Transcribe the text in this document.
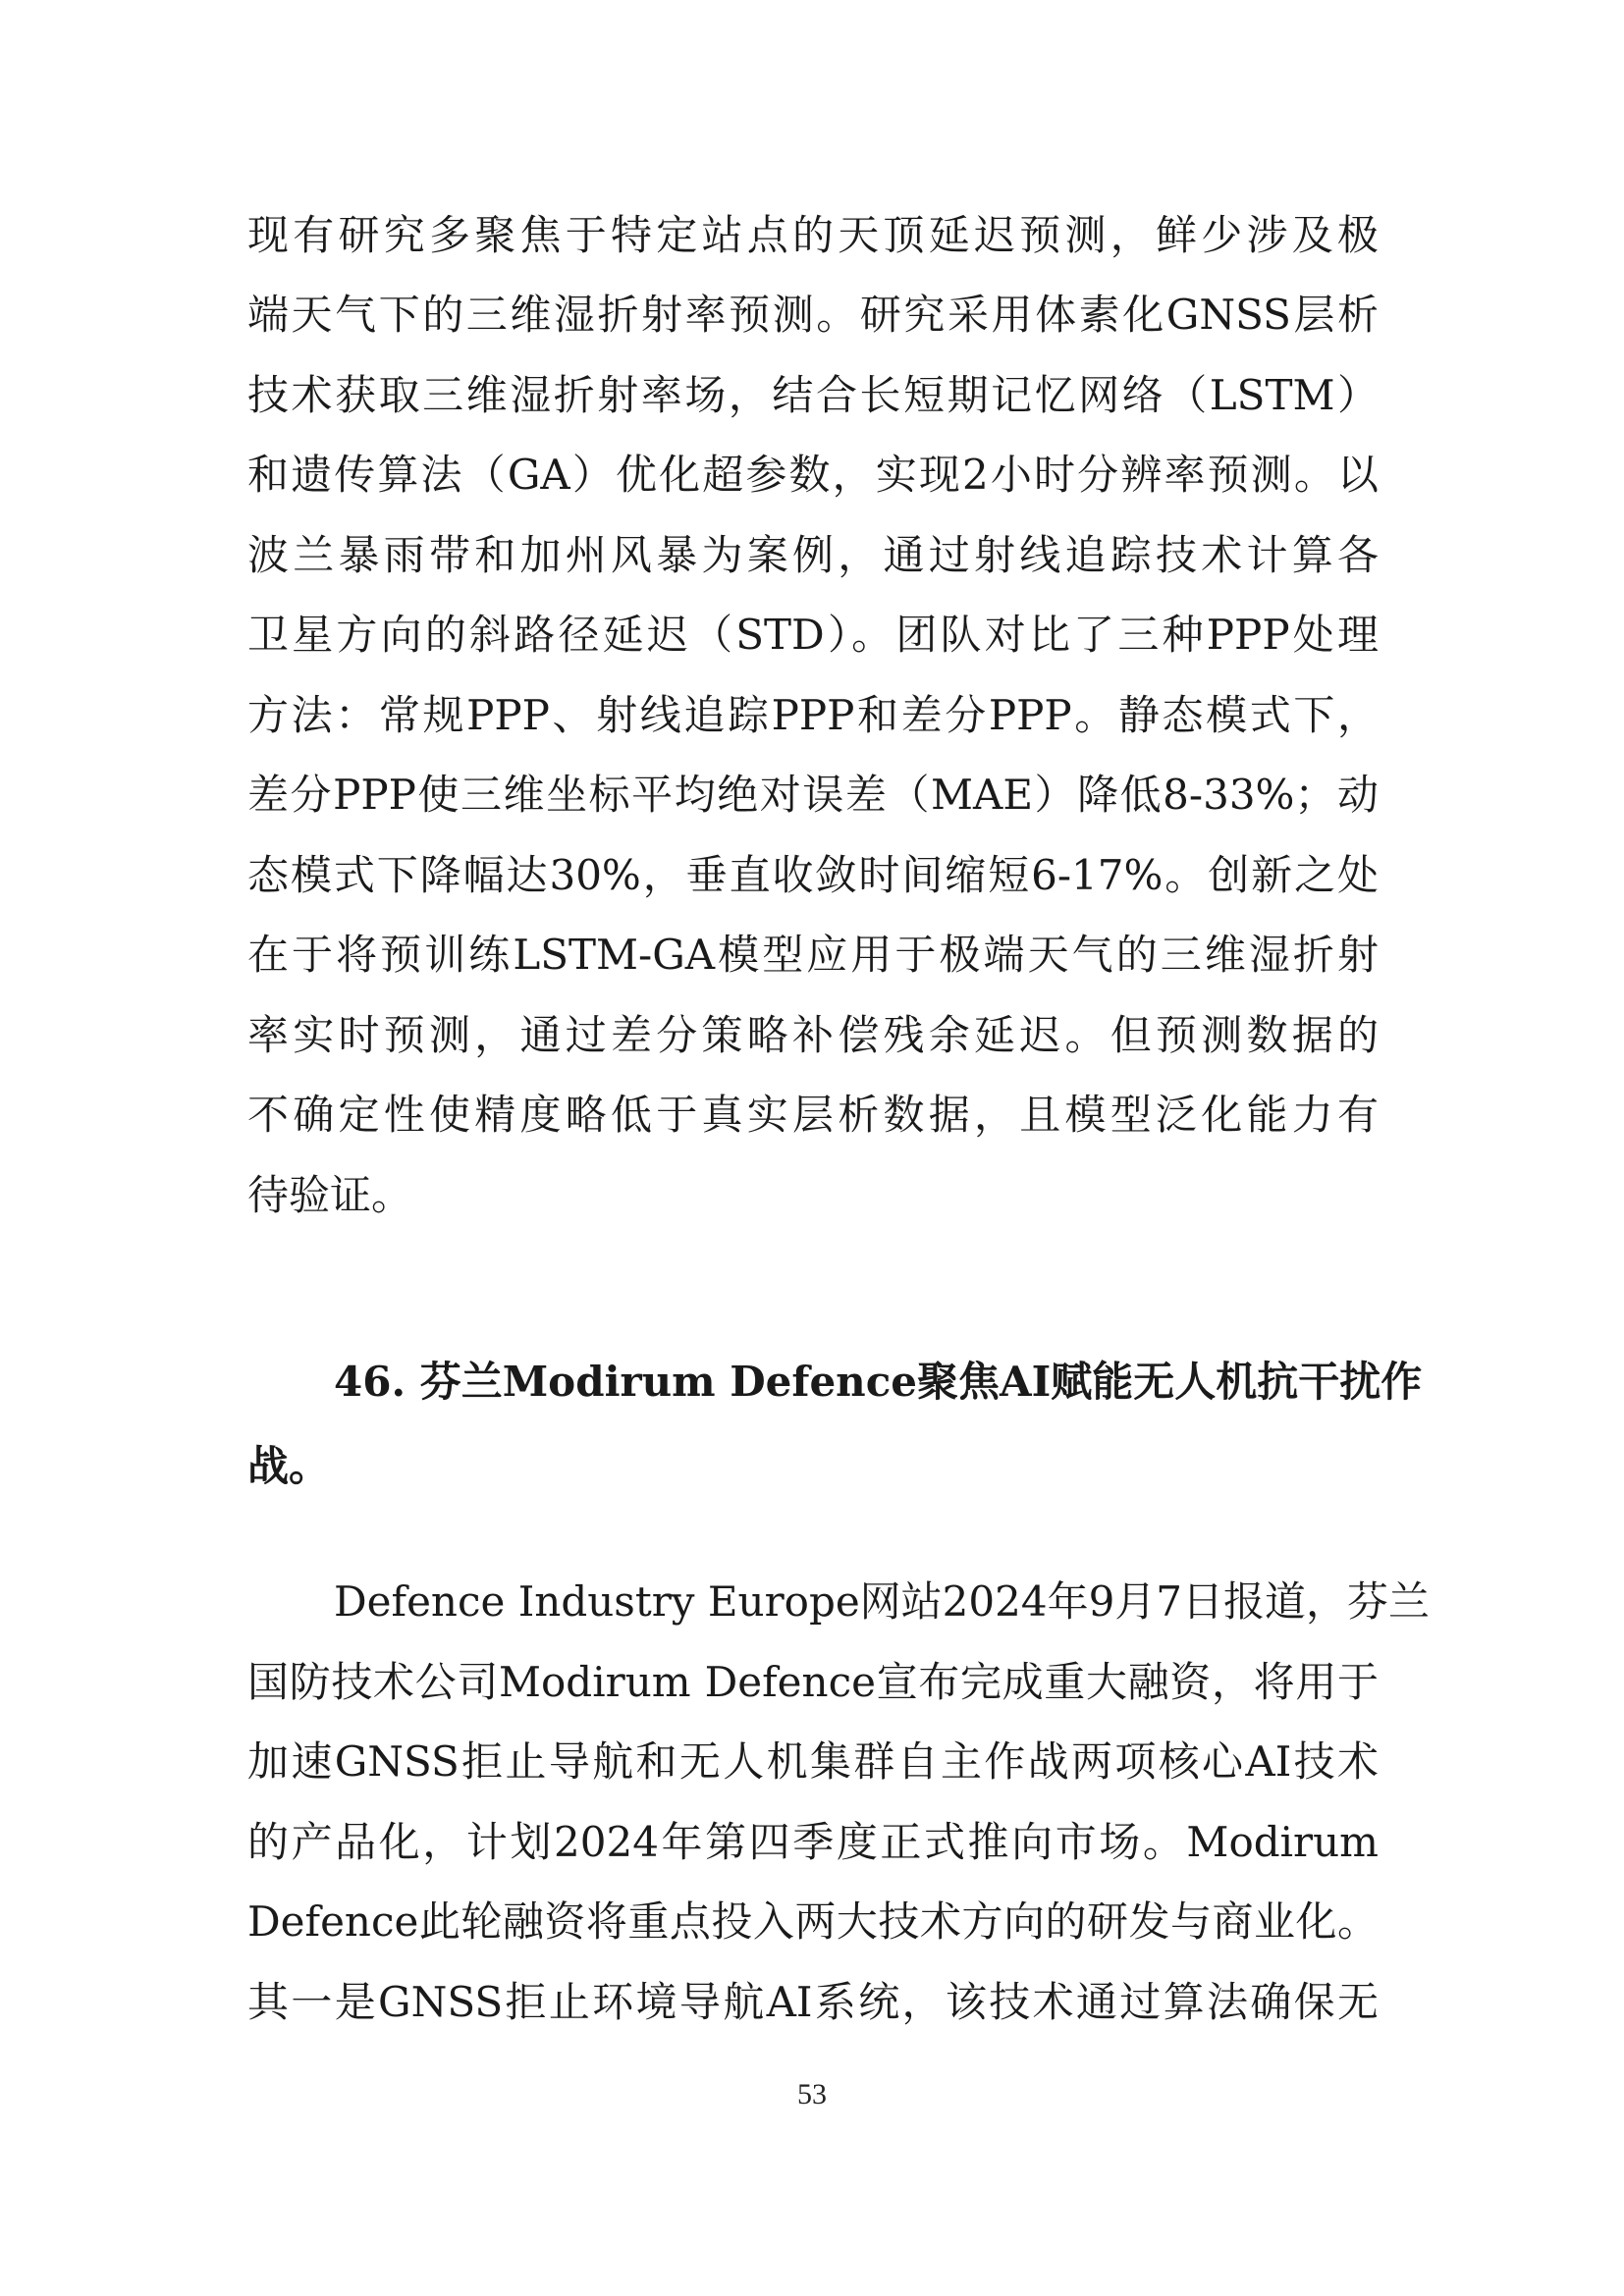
现有研究多聚焦于特定站点的天顶延迟预测，鲜少涉及极
端天气下的三维湿折射率预测。研究采用体素化GNSS层析
技术获取三维湿折射率场，结合长短期记忆网络（LSTM）
和遗传算法（GA）优化超参数，实现2小时分辨率预测。以
波兰暴雨带和加州风暴为案例，通过射线追踪技术计算各
卫星方向的斜路径延迟（STD）。团队对比了三种PPP处理
方法：常规PPP、射线追踪PPP和差分PPP。静态模式下，
差分PPP使三维坐标平均绝对误差（MAE）降低8-33%；动
态模式下降幅达30%，垂直收敛时间缩短6-17%。创新之处
在于将预训练LSTM-GA模型应用于极端天气的三维湿折射
率实时预测，通过差分策略补偿残余延迟。但预测数据的
不确定性使精度略低于真实层析数据，且模型泛化能力有
待验证。
46. 芬兰Modirum Defence聚焦AI赋能无人机抗干扰作
战。
Defence Industry Europe网站2024年9月7日报道，芬兰
国防技术公司Modirum Defence宣布完成重大融资，将用于
加速GNSS拒止导航和无人机集群自主作战两项核心AI技术
的产品化，计划2024年第四季度正式推向市场。Modirum
Defence此轮融资将重点投入两大技术方向的研发与商业化。
其一是GNSS拒止环境导航AI系统，该技术通过算法确保无
53
